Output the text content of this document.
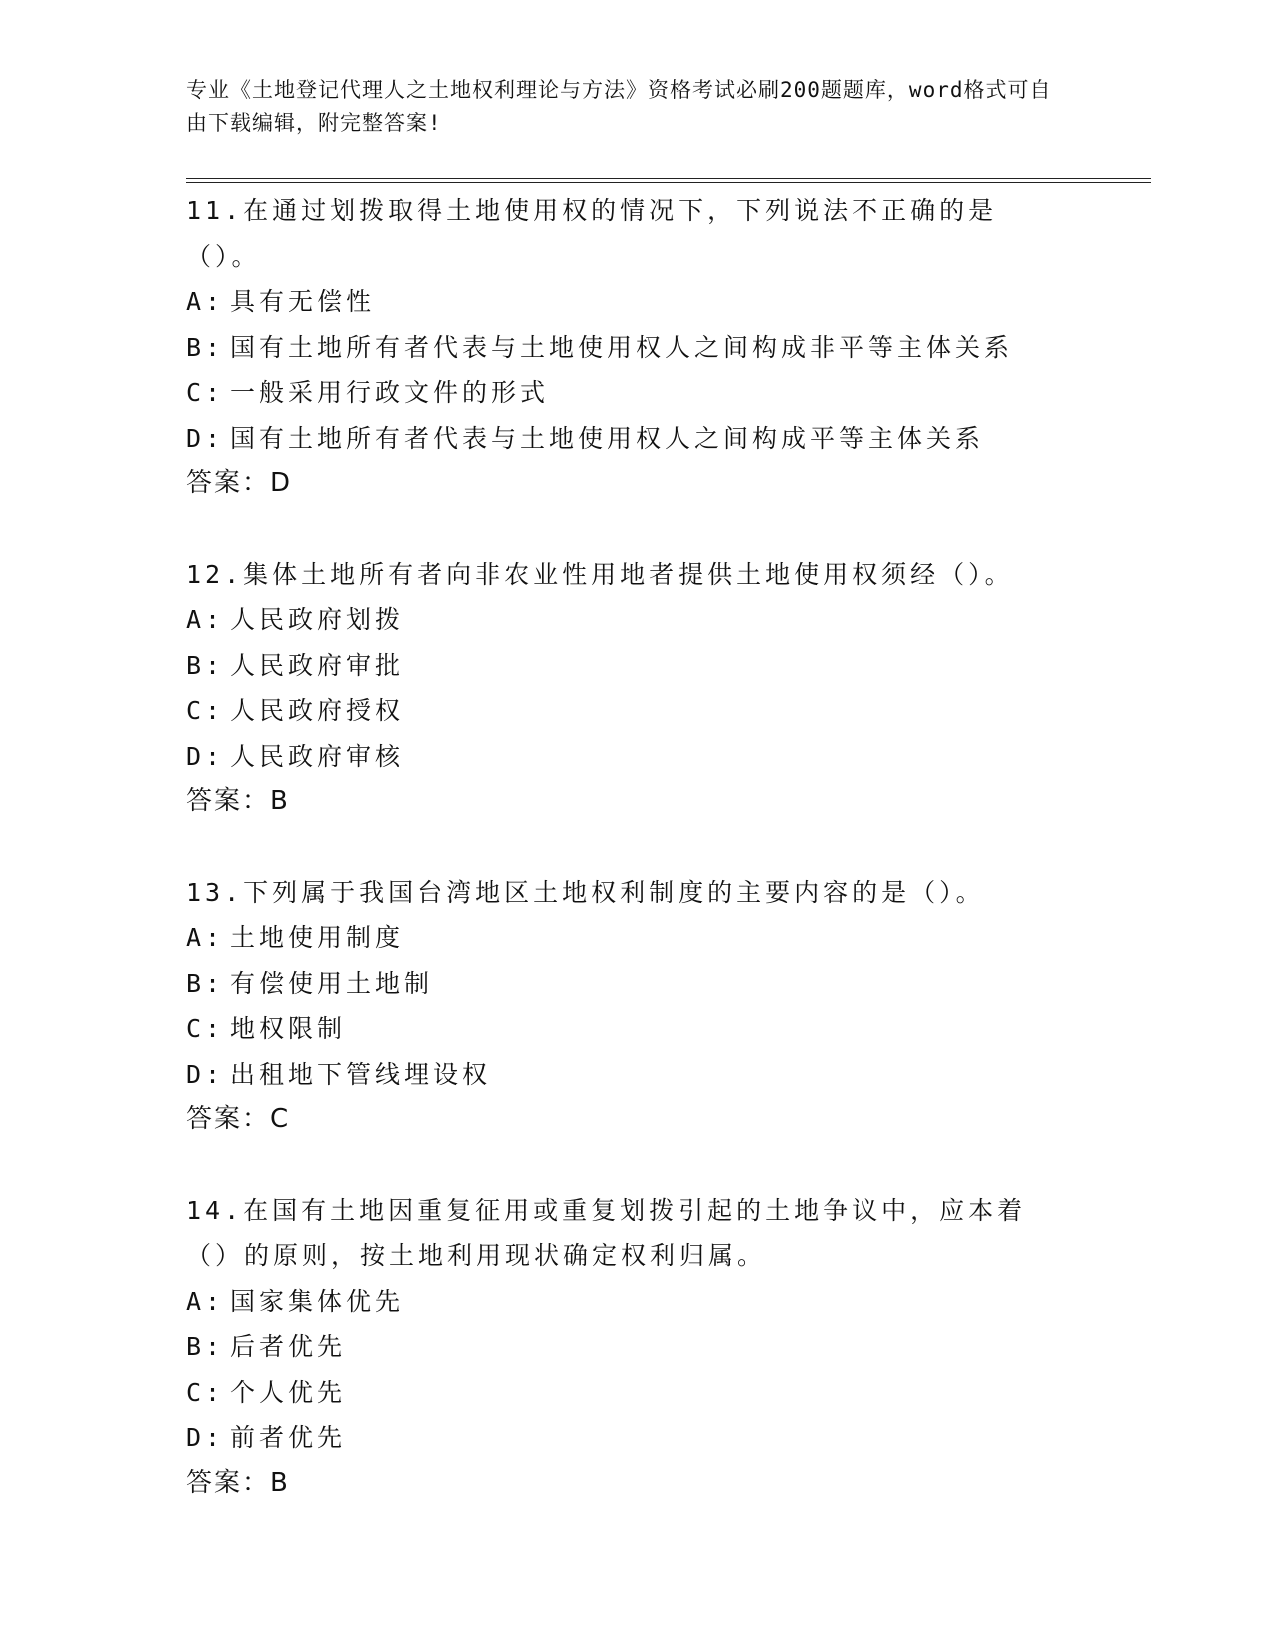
专业《土地登记代理人之土地权利理论与方法》资格考试必刷200题题库，word格式可自由下载编辑，附完整答案!
11.在通过划拨取得土地使用权的情况下，下列说法不正确的是（）。
A: 具有无偿性
B: 国有土地所有者代表与土地使用权人之间构成非平等主体关系
C: 一般采用行政文件的形式
D: 国有土地所有者代表与土地使用权人之间构成平等主体关系
答案：D
12.集体土地所有者向非农业性用地者提供土地使用权须经（）。
A: 人民政府划拨
B: 人民政府审批
C: 人民政府授权
D: 人民政府审核
答案：B
13.下列属于我国台湾地区土地权利制度的主要内容的是（）。
A: 土地使用制度
B: 有偿使用土地制
C: 地权限制
D: 出租地下管线埋设权
答案：C
14.在国有土地因重复征用或重复划拨引起的土地争议中，应本着（）的原则，按土地利用现状确定权利归属。
A: 国家集体优先
B: 后者优先
C: 个人优先
D: 前者优先
答案：B
